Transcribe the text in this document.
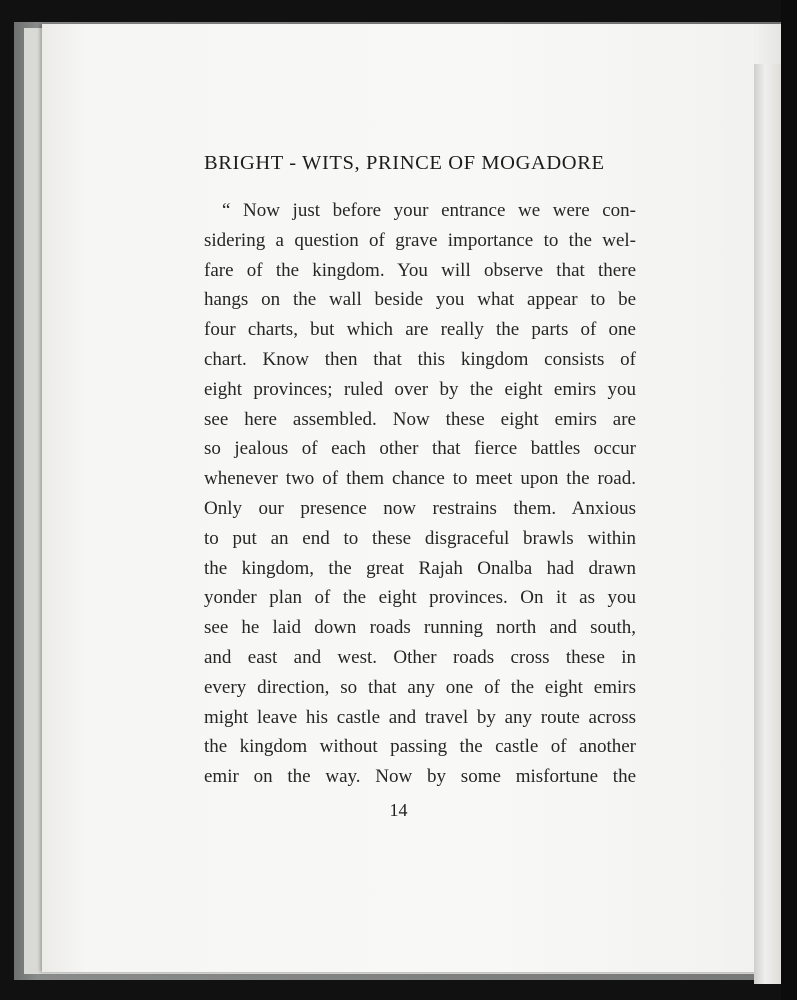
BRIGHT - WITS, PRINCE OF MOGADORE
“ Now just before your entrance we were con-
sidering a question of grave importance to the wel-
fare of the kingdom. You will observe that there
hangs on the wall beside you what appear to be
four charts, but which are really the parts of one
chart. Know then that this kingdom consists of
eight provinces; ruled over by the eight emirs you
see here assembled. Now these eight emirs are
so jealous of each other that fierce battles occur
whenever two of them chance to meet upon the road.
Only our presence now restrains them. Anxious
to put an end to these disgraceful brawls within
the kingdom, the great Rajah Onalba had drawn
yonder plan of the eight provinces. On it as you
see he laid down roads running north and south,
and east and west. Other roads cross these in
every direction, so that any one of the eight emirs
might leave his castle and travel by any route across
the kingdom without passing the castle of another
emir on the way. Now by some misfortune the
14
